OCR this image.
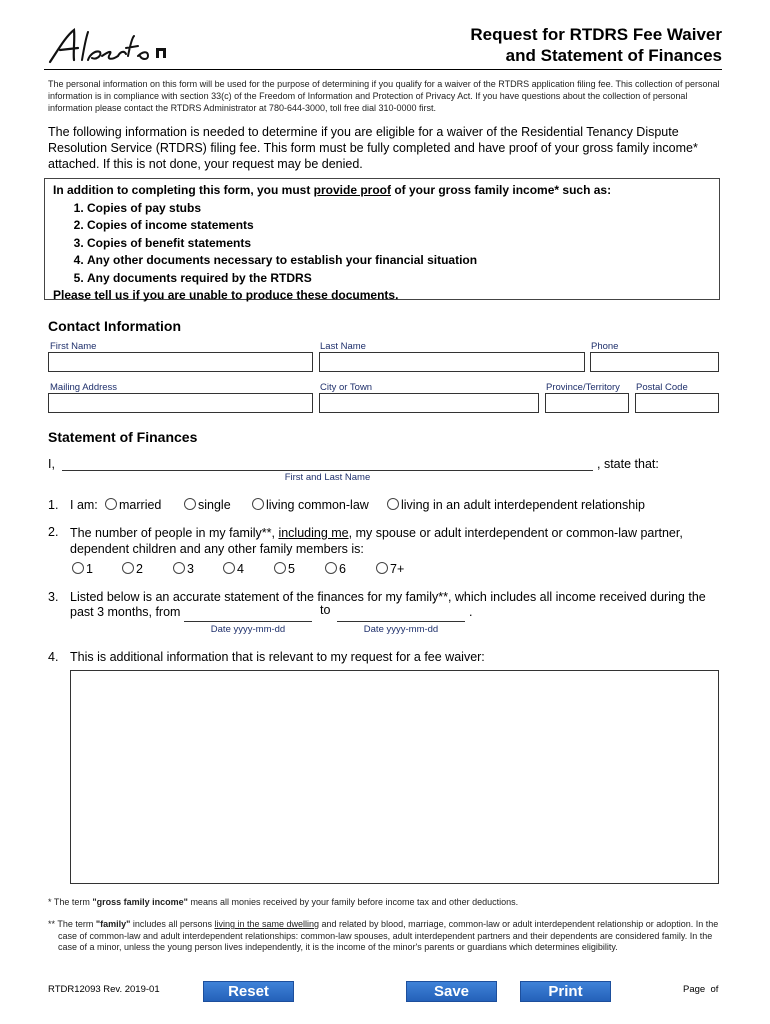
Request for RTDRS Fee Waiver
and Statement of Finances
The personal information on this form will be used for the purpose of determining if you qualify for a waiver of the RTDRS application filing fee. This collection of personal information is in compliance with section 33(c) of the Freedom of Information and Protection of Privacy Act. If you have questions about the collection of personal information please contact the RTDRS Administrator at 780-644-3000, toll free dial 310-0000 first.
The following information is needed to determine if you are eligible for a waiver of the Residential Tenancy Dispute Resolution Service (RTDRS) filing fee. This form must be fully completed and have proof of your gross family income* attached. If this is not done, your request may be denied.
In addition to completing this form, you must provide proof of your gross family income* such as:
1. Copies of pay stubs
2. Copies of income statements
3. Copies of benefit statements
4. Any other documents necessary to establish your financial situation
5. Any documents required by the RTDRS
Please tell us if you are unable to produce these documents.
Contact Information
First Name	Last Name	Phone
Mailing Address	City or Town	Province/Territory Postal Code
Statement of Finances
I,	, state that:
First and Last Name
1. I am:	married	single	living common-law	living in an adult interdependent relationship
2. The number of people in my family**, including me, my spouse or adult interdependent or common-law partner, dependent children and any other family members is:
1	2	3	4	5	6	7+
3. Listed below is an accurate statement of the finances for my family**, which includes all income received during the
past 3 months, from	to	.
Date yyyy-mm-dd	Date yyyy-mm-dd
4. This is additional information that is relevant to my request for a fee waiver:
* The term "gross family income" means all monies received by your family before income tax and other deductions.
** The term "family" includes all persons living in the same dwelling and related by blood, marriage, common-law or adult interdependent relationship or adoption. In the case of common-law and adult interdependent relationships: common-law spouses, adult interdependent partners and their dependents are considered family. In the case of a minor, unless the young person lives independently, it is the income of the minor's parents or guardians which determines eligibility.
RTDR12093 Rev. 2019-01	Reset	Save	Print	Page  of
